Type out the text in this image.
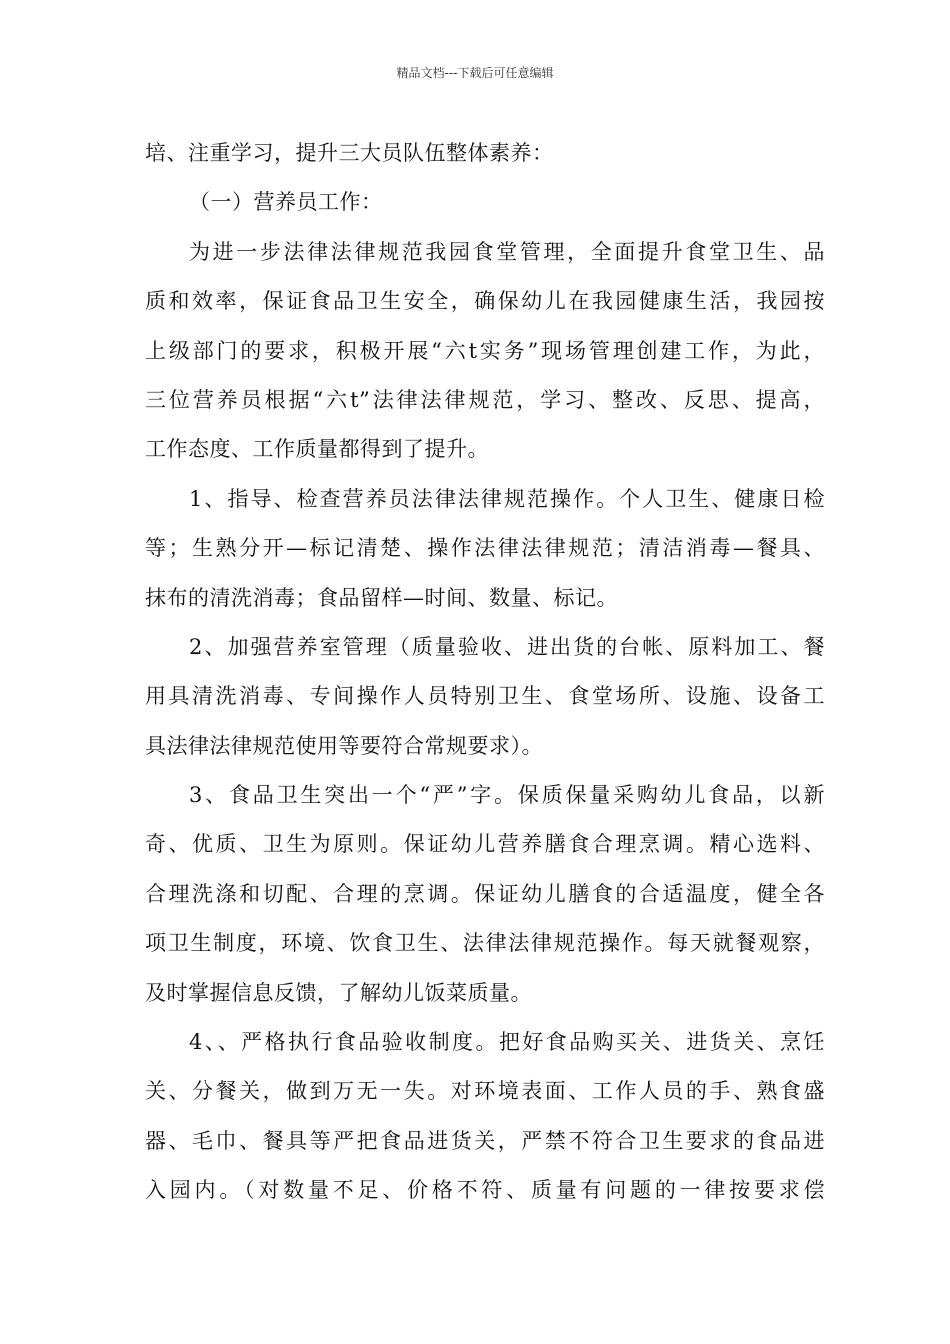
精品文档---下载后可任意编辑
培、注重学习，提升三大员队伍整体素养：
（一）营养员工作：
为进一步法律法律规范我园食堂管理，全面提升食堂卫生、品
质和效率，保证食品卫生安全，确保幼儿在我园健康生活，我园按
上级部门的要求，积极开展“六t实务”现场管理创建工作，为此，
三位营养员根据“六t”法律法律规范，学习、整改、反思、提高，
工作态度、工作质量都得到了提升。
1、指导、检查营养员法律法律规范操作。个人卫生、健康日检
等；生熟分开—标记清楚、操作法律法律规范；清洁消毒—餐具、
抹布的清洗消毒；食品留样—时间、数量、标记。
2、加强营养室管理（质量验收、进出货的台帐、原料加工、餐
用具清洗消毒、专间操作人员特别卫生、食堂场所、设施、设备工
具法律法律规范使用等要符合常规要求）。
3、食品卫生突出一个“严”字。保质保量采购幼儿食品，以新
奇、优质、卫生为原则。保证幼儿营养膳食合理烹调。精心选料、
合理洗涤和切配、合理的烹调。保证幼儿膳食的合适温度，健全各
项卫生制度，环境、饮食卫生、法律法律规范操作。每天就餐观察，
及时掌握信息反馈，了解幼儿饭菜质量。
4、、严格执行食品验收制度。把好食品购买关、进货关、烹饪
关、分餐关，做到万无一失。对环境表面、工作人员的手、熟食盛
器、毛巾、餐具等严把食品进货关，严禁不符合卫生要求的食品进
入园内。（对数量不足、价格不符、质量有问题的一律按要求偿
